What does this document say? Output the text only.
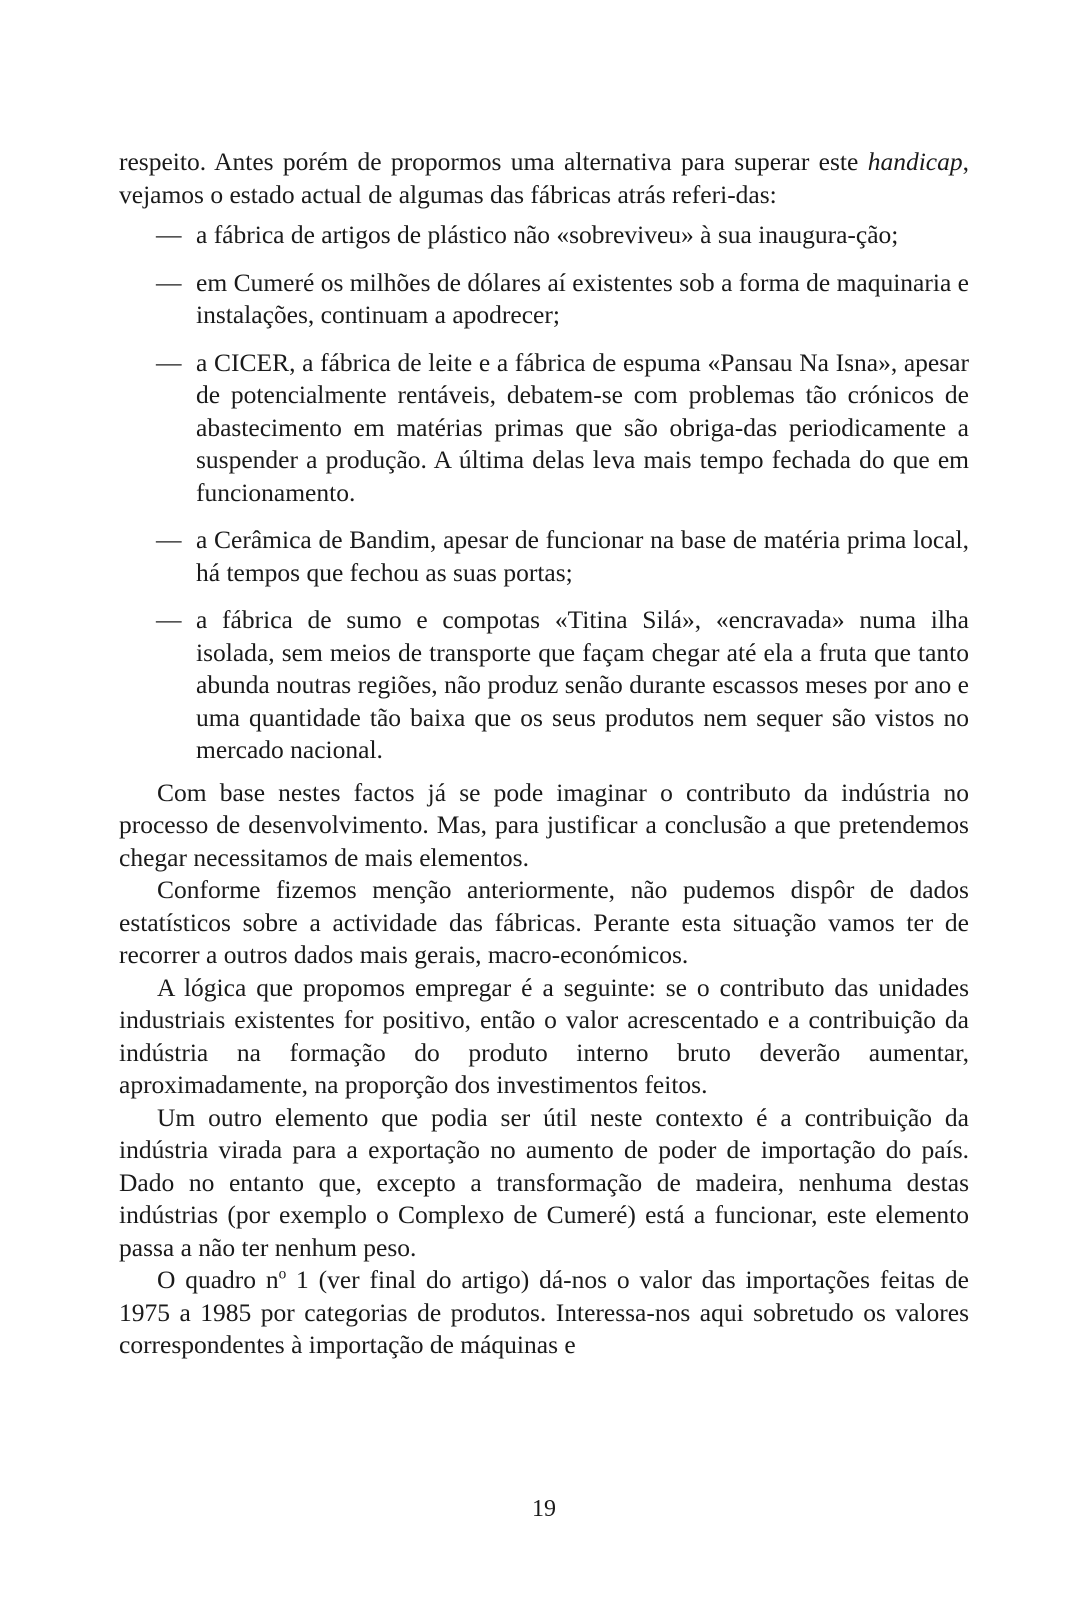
respeito. Antes porém de propormos uma alternativa para superar este handicap, vejamos o estado actual de algumas das fábricas atrás referi-das:

— a fábrica de artigos de plástico não «sobreviveu» à sua inaugura-ção;
— em Cumeré os milhões de dólares aí existentes sob a forma de maquinaria e instalações, continuam a apodrecer;
— a CICER, a fábrica de leite e a fábrica de espuma «Pansau Na Isna», apesar de potencialmente rentáveis, debatem-se com problemas tão crónicos de abastecimento em matérias primas que são obriga-das periodicamente a suspender a produção. A última delas leva mais tempo fechada do que em funcionamento.
— a Cerâmica de Bandim, apesar de funcionar na base de matéria prima local, há tempos que fechou as suas portas;
— a fábrica de sumo e compotas «Titina Silá», «encravada» numa ilha isolada, sem meios de transporte que façam chegar até ela a fruta que tanto abunda noutras regiões, não produz senão durante escassos meses por ano e uma quantidade tão baixa que os seus produtos nem sequer são vistos no mercado nacional.

Com base nestes factos já se pode imaginar o contributo da indústria no processo de desenvolvimento. Mas, para justificar a conclusão a que pretendemos chegar necessitamos de mais elementos.

Conforme fizemos menção anteriormente, não pudemos dispôr de dados estatísticos sobre a actividade das fábricas. Perante esta situação vamos ter de recorrer a outros dados mais gerais, macro-económicos.

A lógica que propomos empregar é a seguinte: se o contributo das unidades industriais existentes for positivo, então o valor acrescentado e a contribuição da indústria na formação do produto interno bruto deverão aumentar, aproximadamente, na proporção dos investimentos feitos.

Um outro elemento que podia ser útil neste contexto é a contribuição da indústria virada para a exportação no aumento de poder de importação do país. Dado no entanto que, excepto a transformação de madeira, nenhuma destas indústrias (por exemplo o Complexo de Cumeré) está a funcionar, este elemento passa a não ter nenhum peso.

O quadro $n^o$ 1 (ver final do artigo) dá-nos o valor das importações feitas de 1975 a 1985 por categorias de produtos. Interessa-nos aqui sobretudo os valores correspondentes à importação de máquinas e

19
